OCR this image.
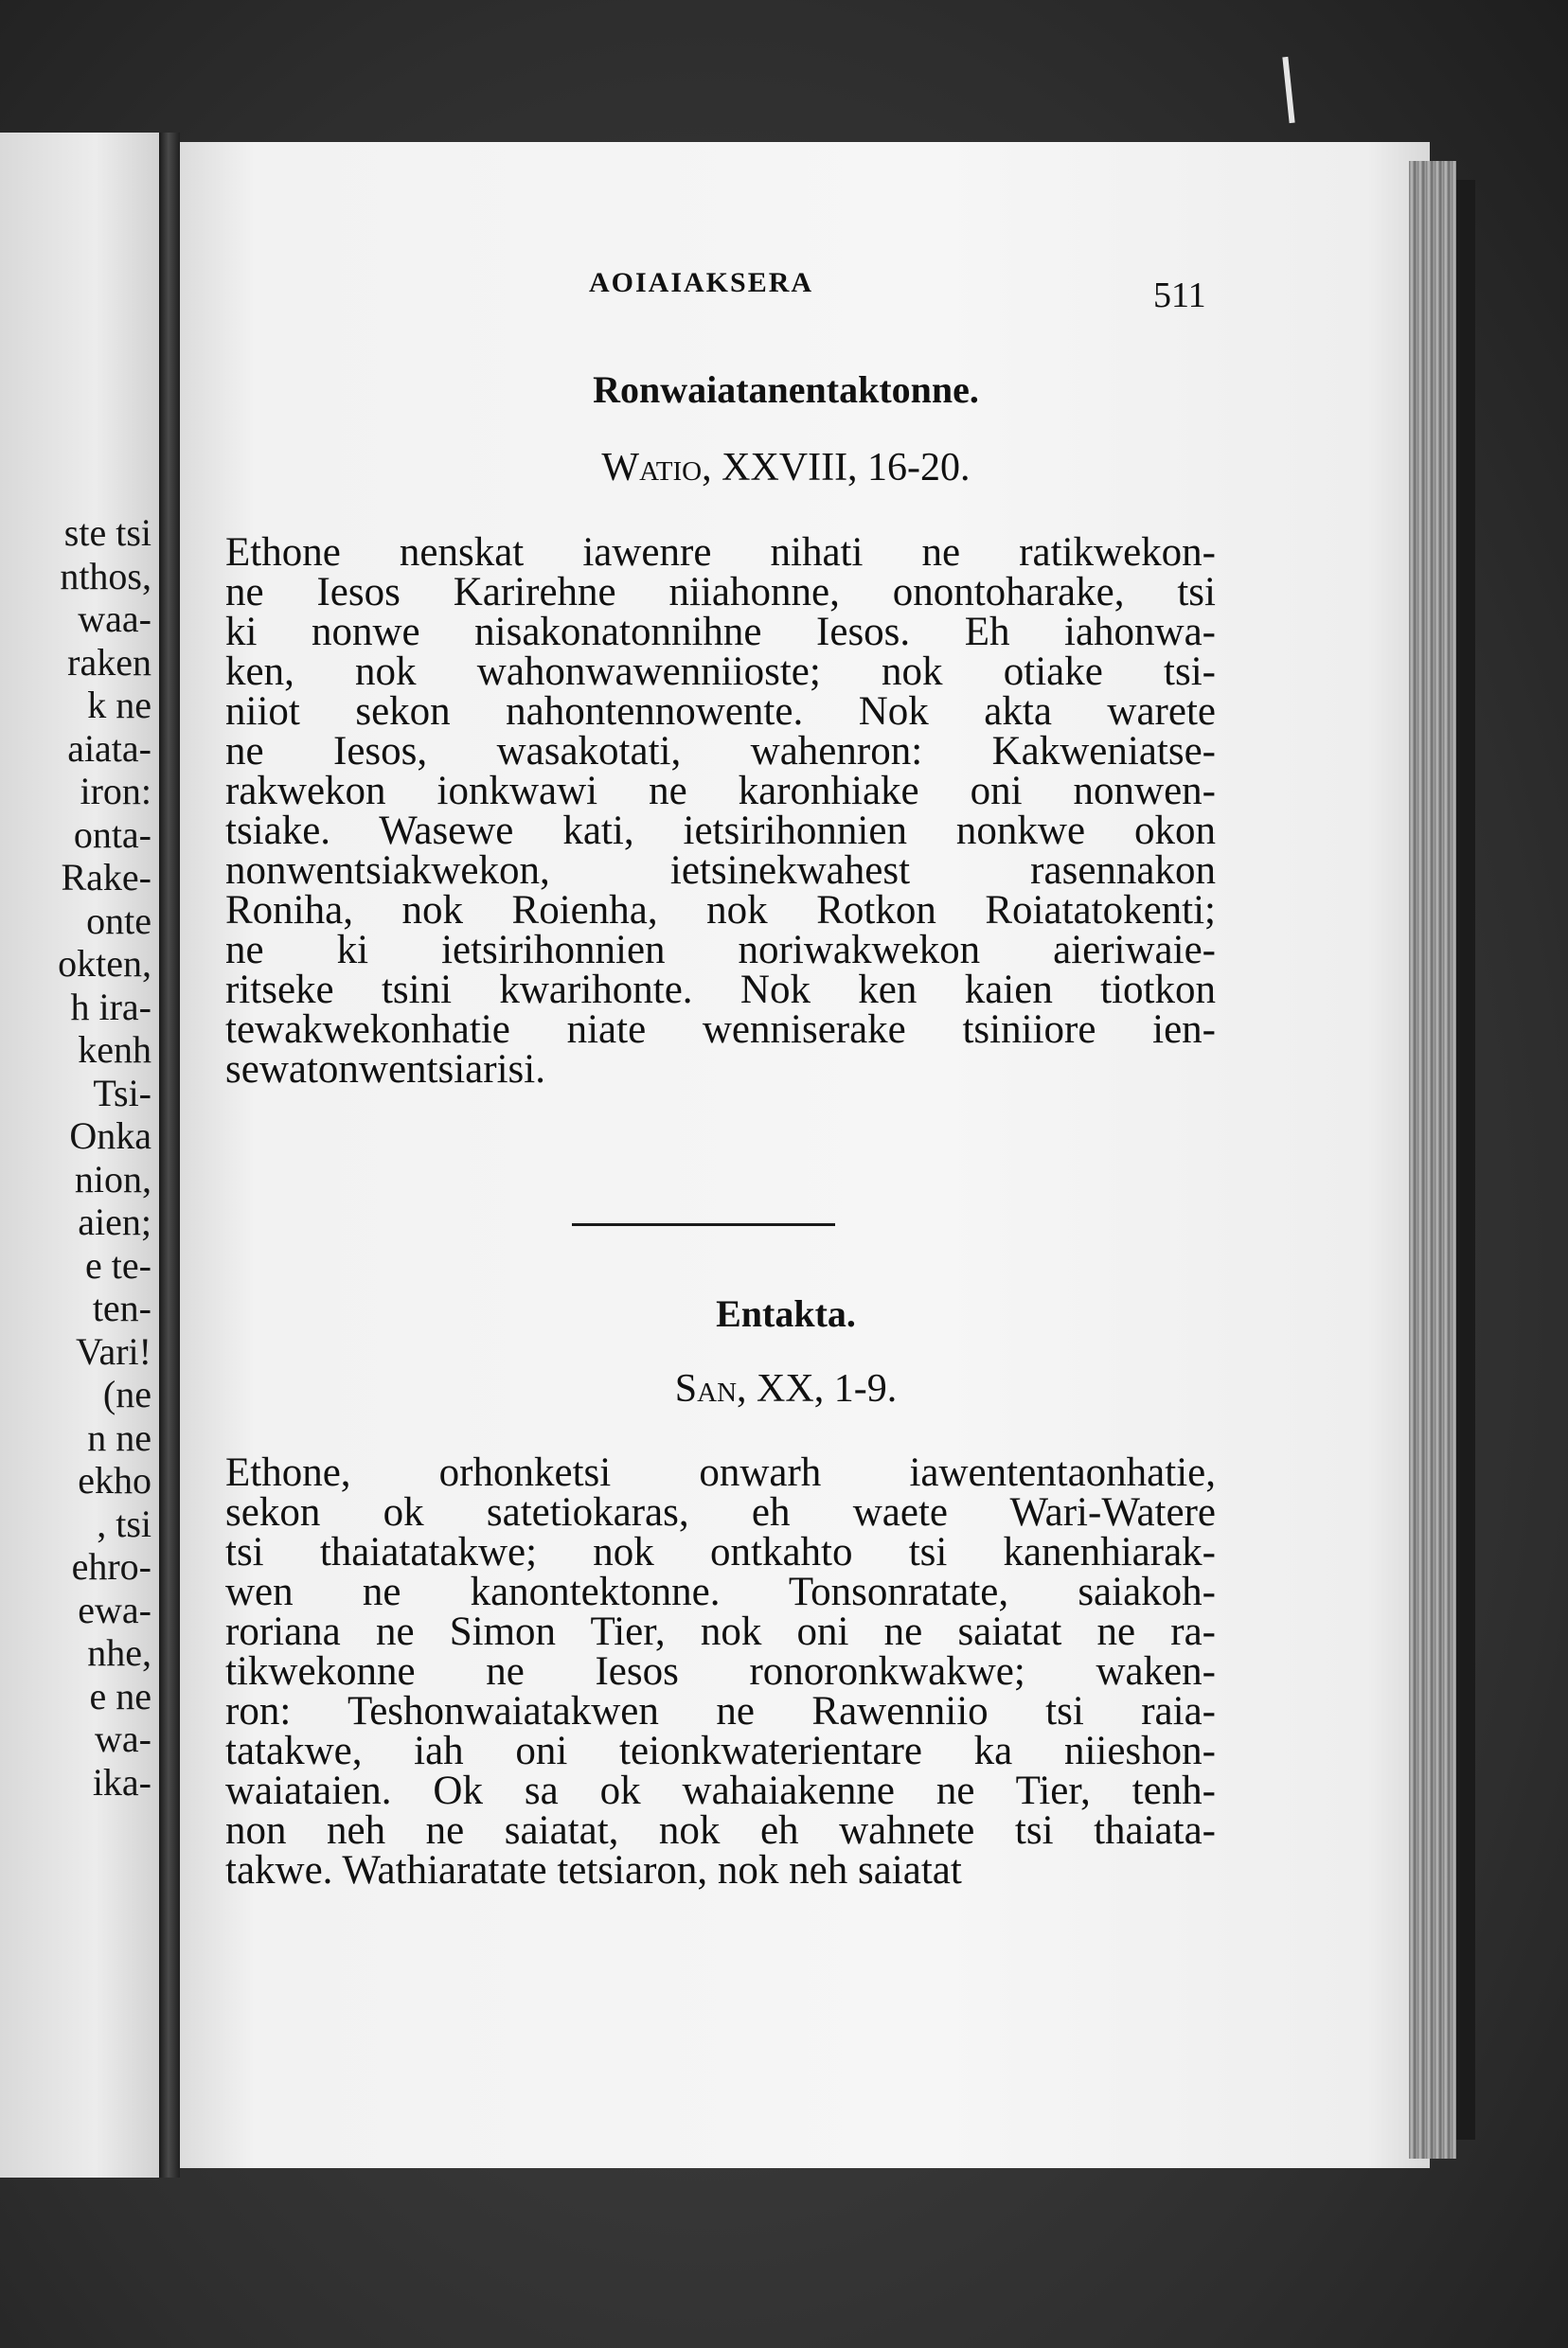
ste tsi
nthos,
waa-
raken
k ne
aiata-
iron:
onta-
Rake-
onte
okten,
h ira-
kenh
Tsi-
Onka
nion,
aien;
e te-
ten-
Vari!
(ne
n ne
ekho
, tsi
ehro-
ewa-
nhe,
e ne
wa-
ika-
AOIAIAKSERA	511
Ronwaiatanentaktonne.
Watio, XXVIII, 16-20.
Ethone nenskat iawenre nihati ne ratikwekon-
ne Iesos Karirehne niiahonne, onontoharake, tsi
ki nonwe nisakonatonnihne Iesos. Eh iahonwa-
ken, nok wahonwawenniioste; nok otiake tsi-
niiot sekon nahontennowente. Nok akta warete
ne Iesos, wasakotati, wahenron: Kakweniatse-
rakwekon ionkwawi ne karonhiake oni nonwen-
tsiake. Wasewe kati, ietsirihonnien nonkwe okon
nonwentsiakwekon, ietsinekwahest rasennakon
Roniha, nok Roienha, nok Rotkon Roiatatokenti;
ne ki ietsirihonnien noriwakwekon aieriwaie-
ritseke tsini kwarihonte. Nok ken kaien tiotkon
tewakwekonhatie niate wenniserake tsiniiore ien-
sewatonwentsiarisi.
Entakta.
San, XX, 1-9.
Ethone, orhonketsi onwarh iawententaonhatie,
sekon ok satetiokaras, eh waete Wari-Watere
tsi thaiatatakwe; nok ontkahto tsi kanenhiarak-
wen ne kanontektonne. Tonsonratate, saiakoh-
roriana ne Simon Tier, nok oni ne saiatat ne ra-
tikwekonne ne Iesos ronoronkwakwe; waken-
ron: Teshonwaiatakwen ne Rawenniio tsi raia-
tatakwe, iah oni teionkwaterientare ka niieshon-
waiataien. Ok sa ok wahaiakenne ne Tier, tenh-
non neh ne saiatat, nok eh wahnete tsi thaiata-
takwe. Wathiaratate tetsiaron, nok neh saiatat
